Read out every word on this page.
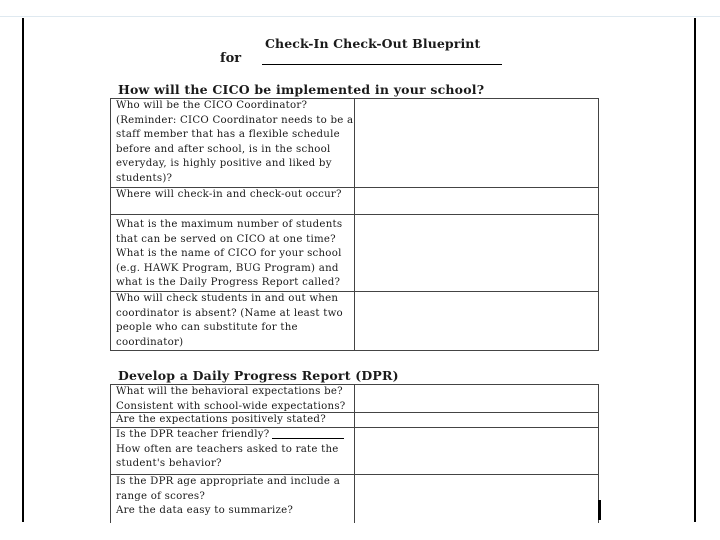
Check-In Check-Out Blueprint
for
How will the CICO be implemented in your school?
Who will be the CICO Coordinator?
(Reminder: CICO Coordinator needs to be a
staff member that has a flexible schedule
before and after school, is in the school
everyday, is highly positive and liked by
students)?
Where will check-in and check-out occur?
What is the maximum number of students
that can be served on CICO at one time?
What is the name of CICO for your school
(e.g. HAWK Program, BUG Program) and
what is the Daily Progress Report called?
Who will check students in and out when
coordinator is absent? (Name at least two
people who can substitute for the
coordinator)
Develop a Daily Progress Report (DPR)
What will the behavioral expectations be?
Consistent with school-wide expectations?
Are the expectations positively stated?
Is the DPR teacher friendly?
How often are teachers asked to rate the
student's behavior?
Is the DPR age appropriate and include a
range of scores?
Are the data easy to summarize?
